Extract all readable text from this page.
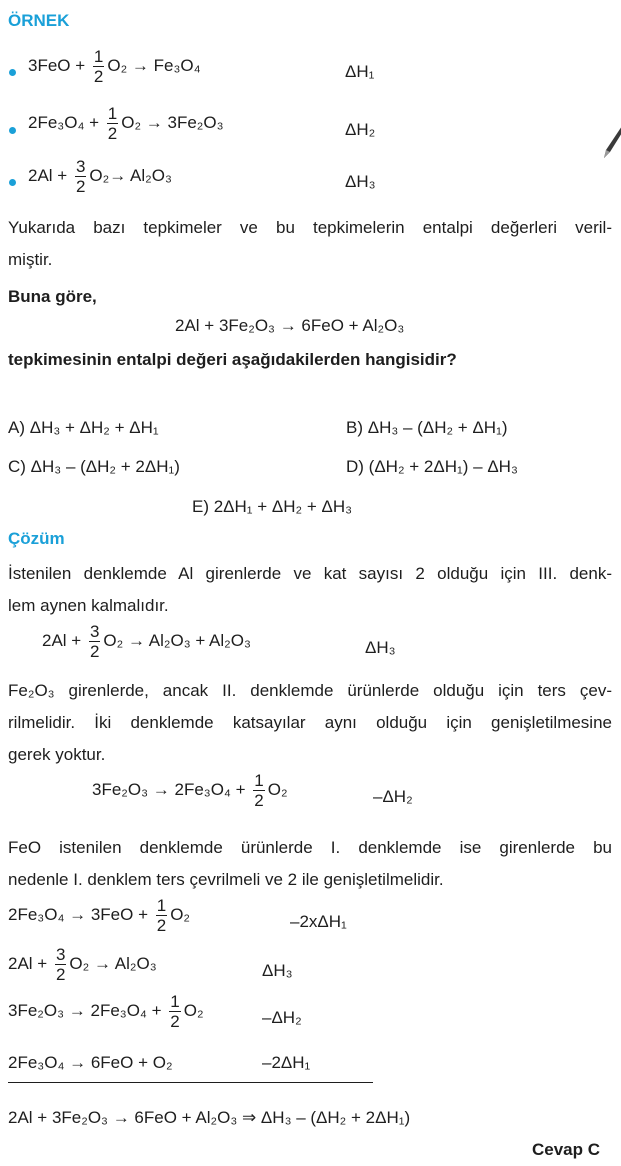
ÖRNEK
$3FeO + \frac{1}{2} O_2 \to Fe_3O_4$	ΔH₁
$2Fe_3O_4 + \frac{1}{2} O_2 \to 3Fe_2O_3$	ΔH₂
$2Al + \frac{3}{2} O_2\to Al_2O_3$	ΔH₃
Yukarıda bazı tepkimeler ve bu tepkimelerin entalpi değerleri veril-
miştir.
Buna göre,
2Al + 3Fe₂O₃ → 6FeO + Al₂O₃
tepkimesinin entalpi değeri aşağıdakilerden hangisidir?
A) ΔH₃ + ΔH₂ + ΔH₁	B) ΔH₃ – (ΔH₂ + ΔH₁)
C) ΔH₃ – (ΔH₂ + 2ΔH₁)	D) (ΔH₂ + 2ΔH₁) – ΔH₃
E) 2ΔH₁ + ΔH₂ + ΔH₃
Çözüm
İstenilen denklemde Al girenlerde ve kat sayısı 2 olduğu için III. denk-
lem aynen kalmalıdır.
$2Al + \frac{3}{2} O_2 \to Al_2O_3 + Al_2O_3$	ΔH₃
Fe₂O₃ girenlerde, ancak II. denklemde ürünlerde olduğu için ters çev-
rilmelidir. İki denklemde katsayılar aynı olduğu için genişletilmesine
gerek yoktur.
$3Fe_2O_3 \to 2Fe_3O_4 + \frac{1}{2} O_2$	–ΔH₂
FeO istenilen denklemde ürünlerde I. denklemde ise girenlerde bu
nedenle I. denklem ters çevrilmeli ve 2 ile genişletilmelidir.
$2Fe_3O_4 \to 3FeO + \frac{1}{2} O_2$	–2xΔH₁
$2Al + \frac{3}{2} O_2 \to Al_2O_3$	ΔH₃
$3Fe_2O_3 \to 2Fe_3O_4 + \frac{1}{2} O_2$	–ΔH₂
2Fe₃O₄ → 6FeO + O₂	–2ΔH₁
2Al + 3Fe₂O₃ → 6FeO + Al₂O₃ ⇒ ΔH₃ – (ΔH₂ + 2ΔH₁)
Cevap C
